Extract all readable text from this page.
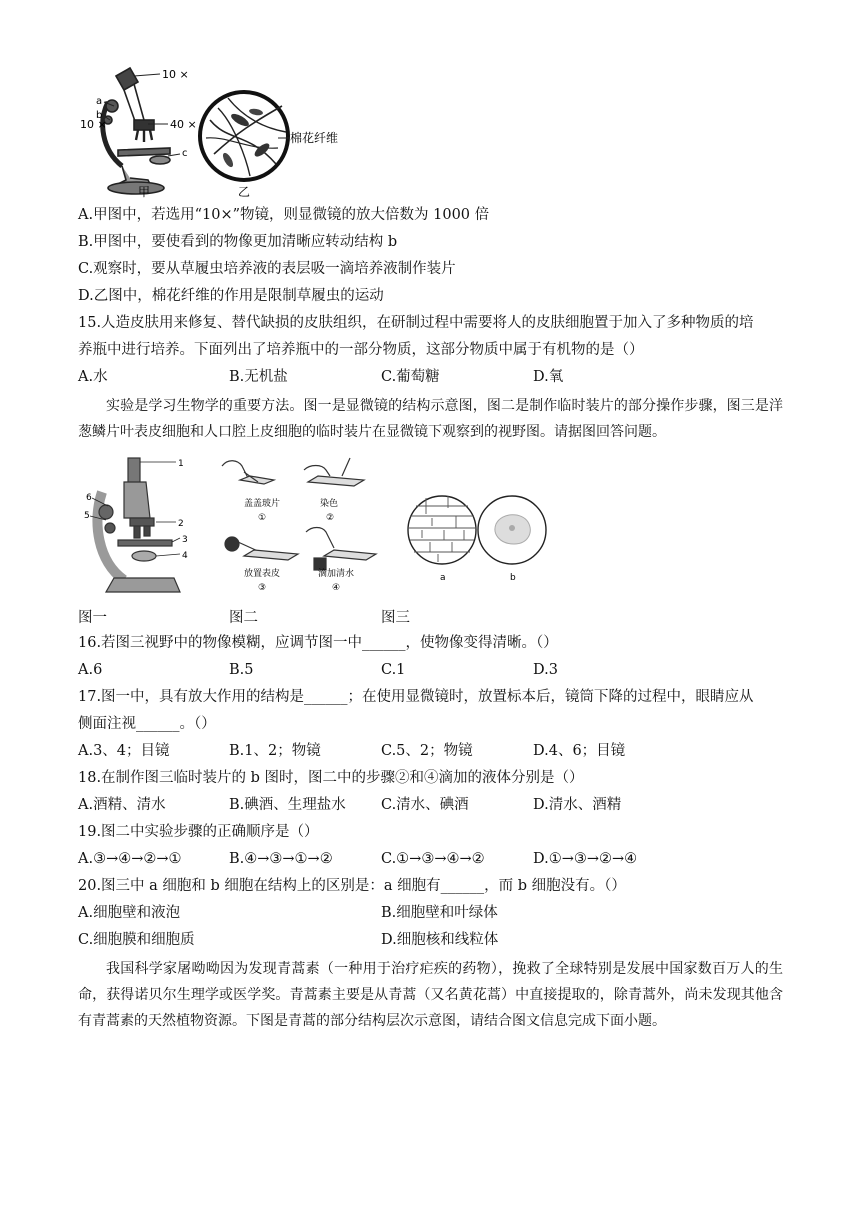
10 ×
40 ×
10 ×
a
b
c
甲
棉花纤维
乙
A.甲图中，若选用“10×”物镜，则显微镜的放大倍数为 1000 倍
B.甲图中，要使看到的物像更加清晰应转动结构 b
C.观察时，要从草履虫培养液的表层吸一滴培养液制作装片
D.乙图中，棉花纤维的作用是限制草履虫的运动
15.人造皮肤用来修复、替代缺损的皮肤组织，在研制过程中需要将人的皮肤细胞置于加入了多种物质的培
养瓶中进行培养。下面列出了培养瓶中的一部分物质，这部分物质中属于有机物的是（）
A.水	B.无机盐	C.葡萄糖	D.氧
实验是学习生物学的重要方法。图一是显微镜的结构示意图，图二是制作临时装片的部分操作步骤，图三是洋葱鳞片叶表皮细胞和人口腔上皮细胞的临时装片在显微镜下观察到的视野图。请据图回答问题。
1
2
3
4
5
6
盖盖玻片
①
染色
②
放置表皮
③
滴加清水
④
a	b
图一	图二	图三
16.若图三视野中的物像模糊，应调节图一中______，使物像变得清晰。（）
A.6	B.5	C.1	D.3
17.图一中，具有放大作用的结构是______；在使用显微镜时，放置标本后，镜筒下降的过程中，眼睛应从
侧面注视______。（）
A.3、4；目镜	B.1、2；物镜	C.5、2；物镜	D.4、6；目镜
18.在制作图三临时装片的 b 图时，图二中的步骤②和④滴加的液体分别是（）
A.酒精、清水	B.碘酒、生理盐水 C.清水、碘酒	D.清水、酒精
19.图二中实验步骤的正确顺序是（）
A.③→④→②→①	B.④→③→①→②	C.①→③→④→②	D.①→③→②→④
20.图三中 a 细胞和 b 细胞在结构上的区别是：a 细胞有______，而 b 细胞没有。（）
A.细胞壁和液泡	B.细胞壁和叶绿体
C.细胞膜和细胞质	D.细胞核和线粒体
我国科学家屠呦呦因为发现青蒿素（一种用于治疗疟疾的药物），挽救了全球特别是发展中国家数百万人的生命，获得诺贝尔生理学或医学奖。青蒿素主要是从青蒿（又名黄花蒿）中直接提取的，除青蒿外，尚未发现其他含有青蒿素的天然植物资源。下图是青蒿的部分结构层次示意图，请结合图文信息完成下面小题。
